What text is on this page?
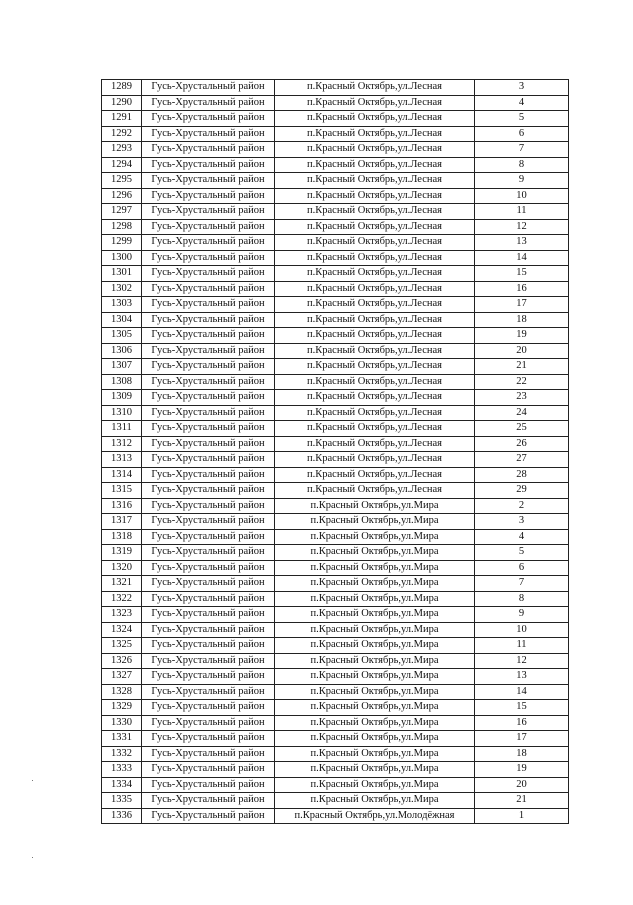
1289	Гусь-Хрустальный район	п.Красный Октябрь,ул.Лесная	3
1290	Гусь-Хрустальный район	п.Красный Октябрь,ул.Лесная	4
1291	Гусь-Хрустальный район	п.Красный Октябрь,ул.Лесная	5
1292	Гусь-Хрустальный район	п.Красный Октябрь,ул.Лесная	6
1293	Гусь-Хрустальный район	п.Красный Октябрь,ул.Лесная	7
1294	Гусь-Хрустальный район	п.Красный Октябрь,ул.Лесная	8
1295	Гусь-Хрустальный район	п.Красный Октябрь,ул.Лесная	9
1296	Гусь-Хрустальный район	п.Красный Октябрь,ул.Лесная	10
1297	Гусь-Хрустальный район	п.Красный Октябрь,ул.Лесная	11
1298	Гусь-Хрустальный район	п.Красный Октябрь,ул.Лесная	12
1299	Гусь-Хрустальный район	п.Красный Октябрь,ул.Лесная	13
1300	Гусь-Хрустальный район	п.Красный Октябрь,ул.Лесная	14
1301	Гусь-Хрустальный район	п.Красный Октябрь,ул.Лесная	15
1302	Гусь-Хрустальный район	п.Красный Октябрь,ул.Лесная	16
1303	Гусь-Хрустальный район	п.Красный Октябрь,ул.Лесная	17
1304	Гусь-Хрустальный район	п.Красный Октябрь,ул.Лесная	18
1305	Гусь-Хрустальный район	п.Красный Октябрь,ул.Лесная	19
1306	Гусь-Хрустальный район	п.Красный Октябрь,ул.Лесная	20
1307	Гусь-Хрустальный район	п.Красный Октябрь,ул.Лесная	21
1308	Гусь-Хрустальный район	п.Красный Октябрь,ул.Лесная	22
1309	Гусь-Хрустальный район	п.Красный Октябрь,ул.Лесная	23
1310	Гусь-Хрустальный район	п.Красный Октябрь,ул.Лесная	24
1311	Гусь-Хрустальный район	п.Красный Октябрь,ул.Лесная	25
1312	Гусь-Хрустальный район	п.Красный Октябрь,ул.Лесная	26
1313	Гусь-Хрустальный район	п.Красный Октябрь,ул.Лесная	27
1314	Гусь-Хрустальный район	п.Красный Октябрь,ул.Лесная	28
1315	Гусь-Хрустальный район	п.Красный Октябрь,ул.Лесная	29
1316	Гусь-Хрустальный район	п.Красный Октябрь,ул.Мира	2
1317	Гусь-Хрустальный район	п.Красный Октябрь,ул.Мира	3
1318	Гусь-Хрустальный район	п.Красный Октябрь,ул.Мира	4
1319	Гусь-Хрустальный район	п.Красный Октябрь,ул.Мира	5
1320	Гусь-Хрустальный район	п.Красный Октябрь,ул.Мира	6
1321	Гусь-Хрустальный район	п.Красный Октябрь,ул.Мира	7
1322	Гусь-Хрустальный район	п.Красный Октябрь,ул.Мира	8
1323	Гусь-Хрустальный район	п.Красный Октябрь,ул.Мира	9
1324	Гусь-Хрустальный район	п.Красный Октябрь,ул.Мира	10
1325	Гусь-Хрустальный район	п.Красный Октябрь,ул.Мира	11
1326	Гусь-Хрустальный район	п.Красный Октябрь,ул.Мира	12
1327	Гусь-Хрустальный район	п.Красный Октябрь,ул.Мира	13
1328	Гусь-Хрустальный район	п.Красный Октябрь,ул.Мира	14
1329	Гусь-Хрустальный район	п.Красный Октябрь,ул.Мира	15
1330	Гусь-Хрустальный район	п.Красный Октябрь,ул.Мира	16
1331	Гусь-Хрустальный район	п.Красный Октябрь,ул.Мира	17
1332	Гусь-Хрустальный район	п.Красный Октябрь,ул.Мира	18
1333	Гусь-Хрустальный район	п.Красный Октябрь,ул.Мира	19
1334	Гусь-Хрустальный район	п.Красный Октябрь,ул.Мира	20
1335	Гусь-Хрустальный район	п.Красный Октябрь,ул.Мира	21
1336	Гусь-Хрустальный район	п.Красный Октябрь,ул.Молодёжная	1
